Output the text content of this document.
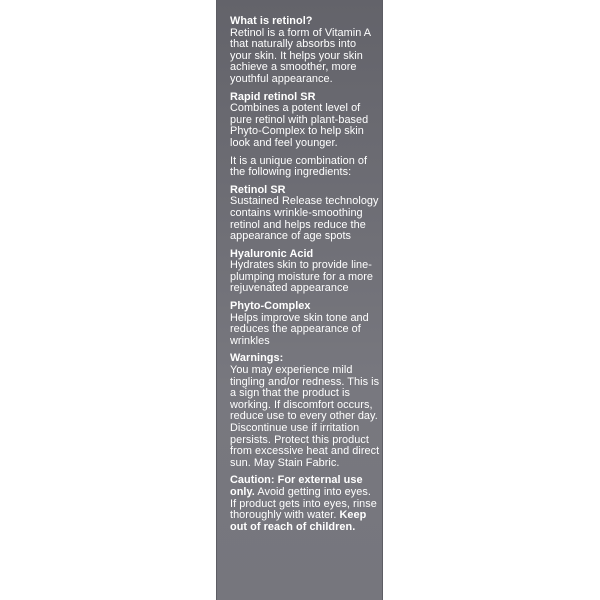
What is retinol?
Retinol is a form of Vitamin A that naturally absorbs into your skin. It helps your skin achieve a smoother, more youthful appearance.
Rapid retinol SR
Combines a potent level of pure retinol with plant-based Phyto-Complex to help skin look and feel younger.
It is a unique combination of the following ingredients:
Retinol SR
Sustained Release technology contains wrinkle-smoothing retinol and helps reduce the appearance of age spots
Hyaluronic Acid
Hydrates skin to provide line-plumping moisture for a more rejuvenated appearance
Phyto-Complex
Helps improve skin tone and reduces the appearance of wrinkles
Warnings:
You may experience mild tingling and/or redness. This is a sign that the product is working. If discomfort occurs, reduce use to every other day. Discontinue use if irritation persists. Protect this product from excessive heat and direct sun. May Stain Fabric.
Caution: For external use only. Avoid getting into eyes. If product gets into eyes, rinse thoroughly with water. Keep out of reach of children.
